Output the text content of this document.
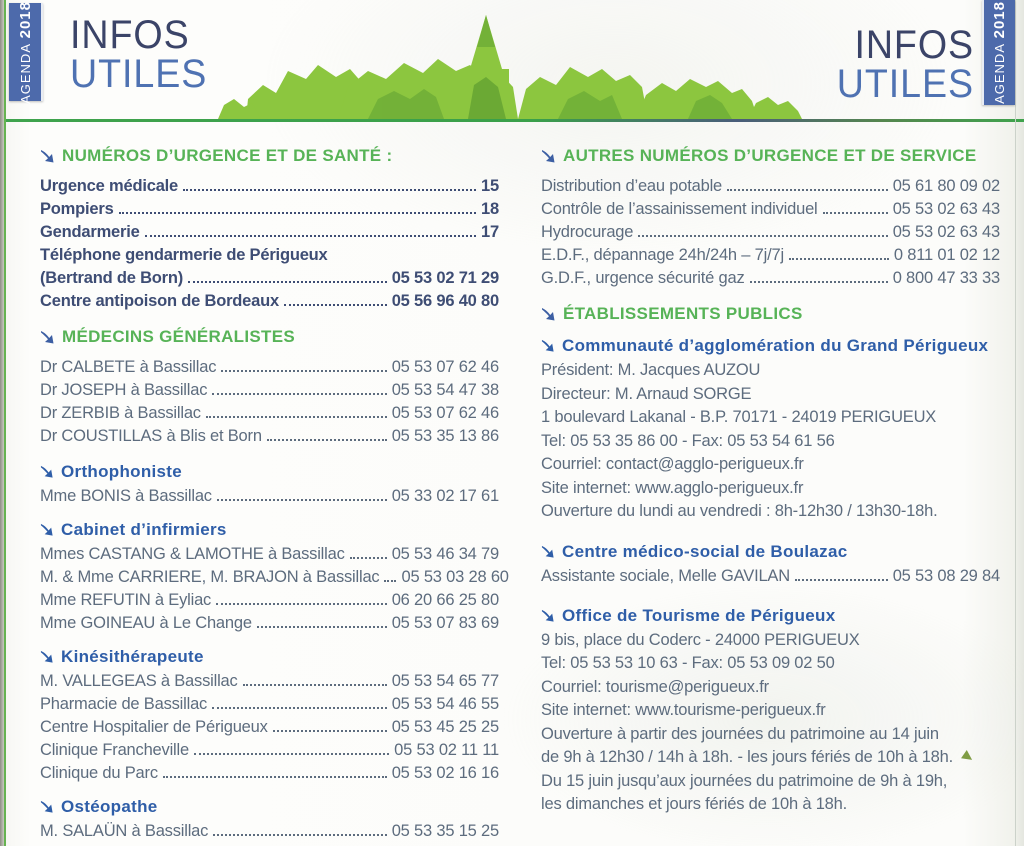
AGENDA 2018 INFOS
UTILES
INFOS
UTILES AGENDA 2018
NUMÉROS D’URGENCE ET DE SANTÉ :
Urgence médicale	15
Pompiers	18
Gendarmerie	17
Téléphone gendarmerie de Périgueux
(Bertrand de Born)	05 53 02 71 29
Centre antipoison de Bordeaux	05 56 96 40 80
MÉDECINS GÉNÉRALISTES
Dr CALBETE à Bassillac	05 53 07 62 46
Dr JOSEPH à Bassillac	05 53 54 47 38
Dr ZERBIB à Bassillac	05 53 07 62 46
Dr COUSTILLAS à Blis et Born	05 53 35 13 86
Orthophoniste
Mme BONIS à Bassillac	05 33 02 17 61
Cabinet d’infirmiers
Mmes CASTANG & LAMOTHE à Bassillac	05 53 46 34 79
M. & Mme CARRIERE, M. BRAJON à Bassillac 05 53 03 28 60
Mme REFUTIN à Eyliac	06 20 66 25 80
Mme GOINEAU à Le Change	05 53 07 83 69
Kinésithérapeute
M. VALLEGEAS à Bassillac	05 53 54 65 77
Pharmacie de Bassillac	05 53 54 46 55
Centre Hospitalier de Périgueux	05 53 45 25 25
Clinique Francheville	05 53 02 11 11
Clinique du Parc	05 53 02 16 16
Ostéopathe
M. SALAÜN à Bassillac	05 53 35 15 25
AUTRES NUMÉROS D’URGENCE ET DE SERVICE
Distribution d’eau potable	05 61 80 09 02
Contrôle de l’assainissement individuel	05 53 02 63 43
Hydrocurage	05 53 02 63 43
E.D.F., dépannage 24h/24h – 7j/7j	0 811 01 02 12
G.D.F., urgence sécurité gaz	0 800 47 33 33
ÉTABLISSEMENTS PUBLICS
Communauté d’agglomération du Grand Périgueux
Président: M. Jacques AUZOU
Directeur: M. Arnaud SORGE
1 boulevard Lakanal - B.P. 70171 - 24019 PERIGUEUX
Tel: 05 53 35 86 00 - Fax: 05 53 54 61 56
Courriel: contact@agglo-perigueux.fr
Site internet: www.agglo-perigueux.fr
Ouverture du lundi au vendredi : 8h-12h30 / 13h30-18h.
Centre médico-social de Boulazac
Assistante sociale, Melle GAVILAN	05 53 08 29 84
Office de Tourisme de Périgueux
9 bis, place du Coderc - 24000 PERIGUEUX
Tel: 05 53 53 10 63 - Fax: 05 53 09 02 50
Courriel: tourisme@perigueux.fr
Site internet: www.tourisme-perigueux.fr
Ouverture à partir des journées du patrimoine au 14 juin
de 9h à 12h30 / 14h à 18h. - les jours fériés de 10h à 18h.
Du 15 juin jusqu’aux journées du patrimoine de 9h à 19h,
les dimanches et jours fériés de 10h à 18h.
